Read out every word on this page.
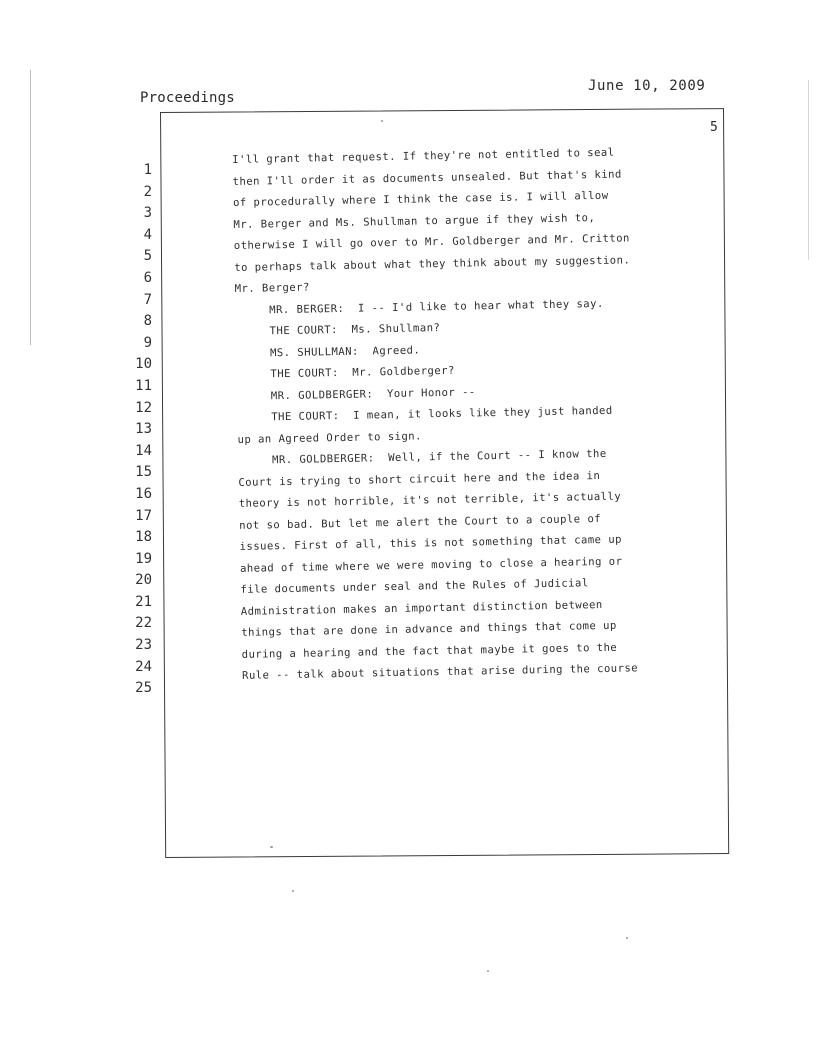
Proceedings
June 10, 2009
5
1
2
3
4
5
6
7
8
9
10
11
12
13
14
15
16
17
18
19
20
21
22
23
24
25
I'll grant that request. If they're not entitled to seal
then I'll order it as documents unsealed. But that's kind
of procedurally where I think the case is. I will allow
Mr. Berger and Ms. Shullman to argue if they wish to,
otherwise I will go over to Mr. Goldberger and Mr. Critton
to perhaps talk about what they think about my suggestion.
Mr. Berger?
MR. BERGER:  I -- I'd like to hear what they say.
THE COURT:  Ms. Shullman?
MS. SHULLMAN:  Agreed.
THE COURT:  Mr. Goldberger?
MR. GOLDBERGER:  Your Honor --
THE COURT:  I mean, it looks like they just handed
up an Agreed Order to sign.
MR. GOLDBERGER:  Well, if the Court -- I know the
Court is trying to short circuit here and the idea in
theory is not horrible, it's not terrible, it's actually
not so bad. But let me alert the Court to a couple of
issues. First of all, this is not something that came up
ahead of time where we were moving to close a hearing or
file documents under seal and the Rules of Judicial
Administration makes an important distinction between
things that are done in advance and things that come up
during a hearing and the fact that maybe it goes to the
Rule -- talk about situations that arise during the course
